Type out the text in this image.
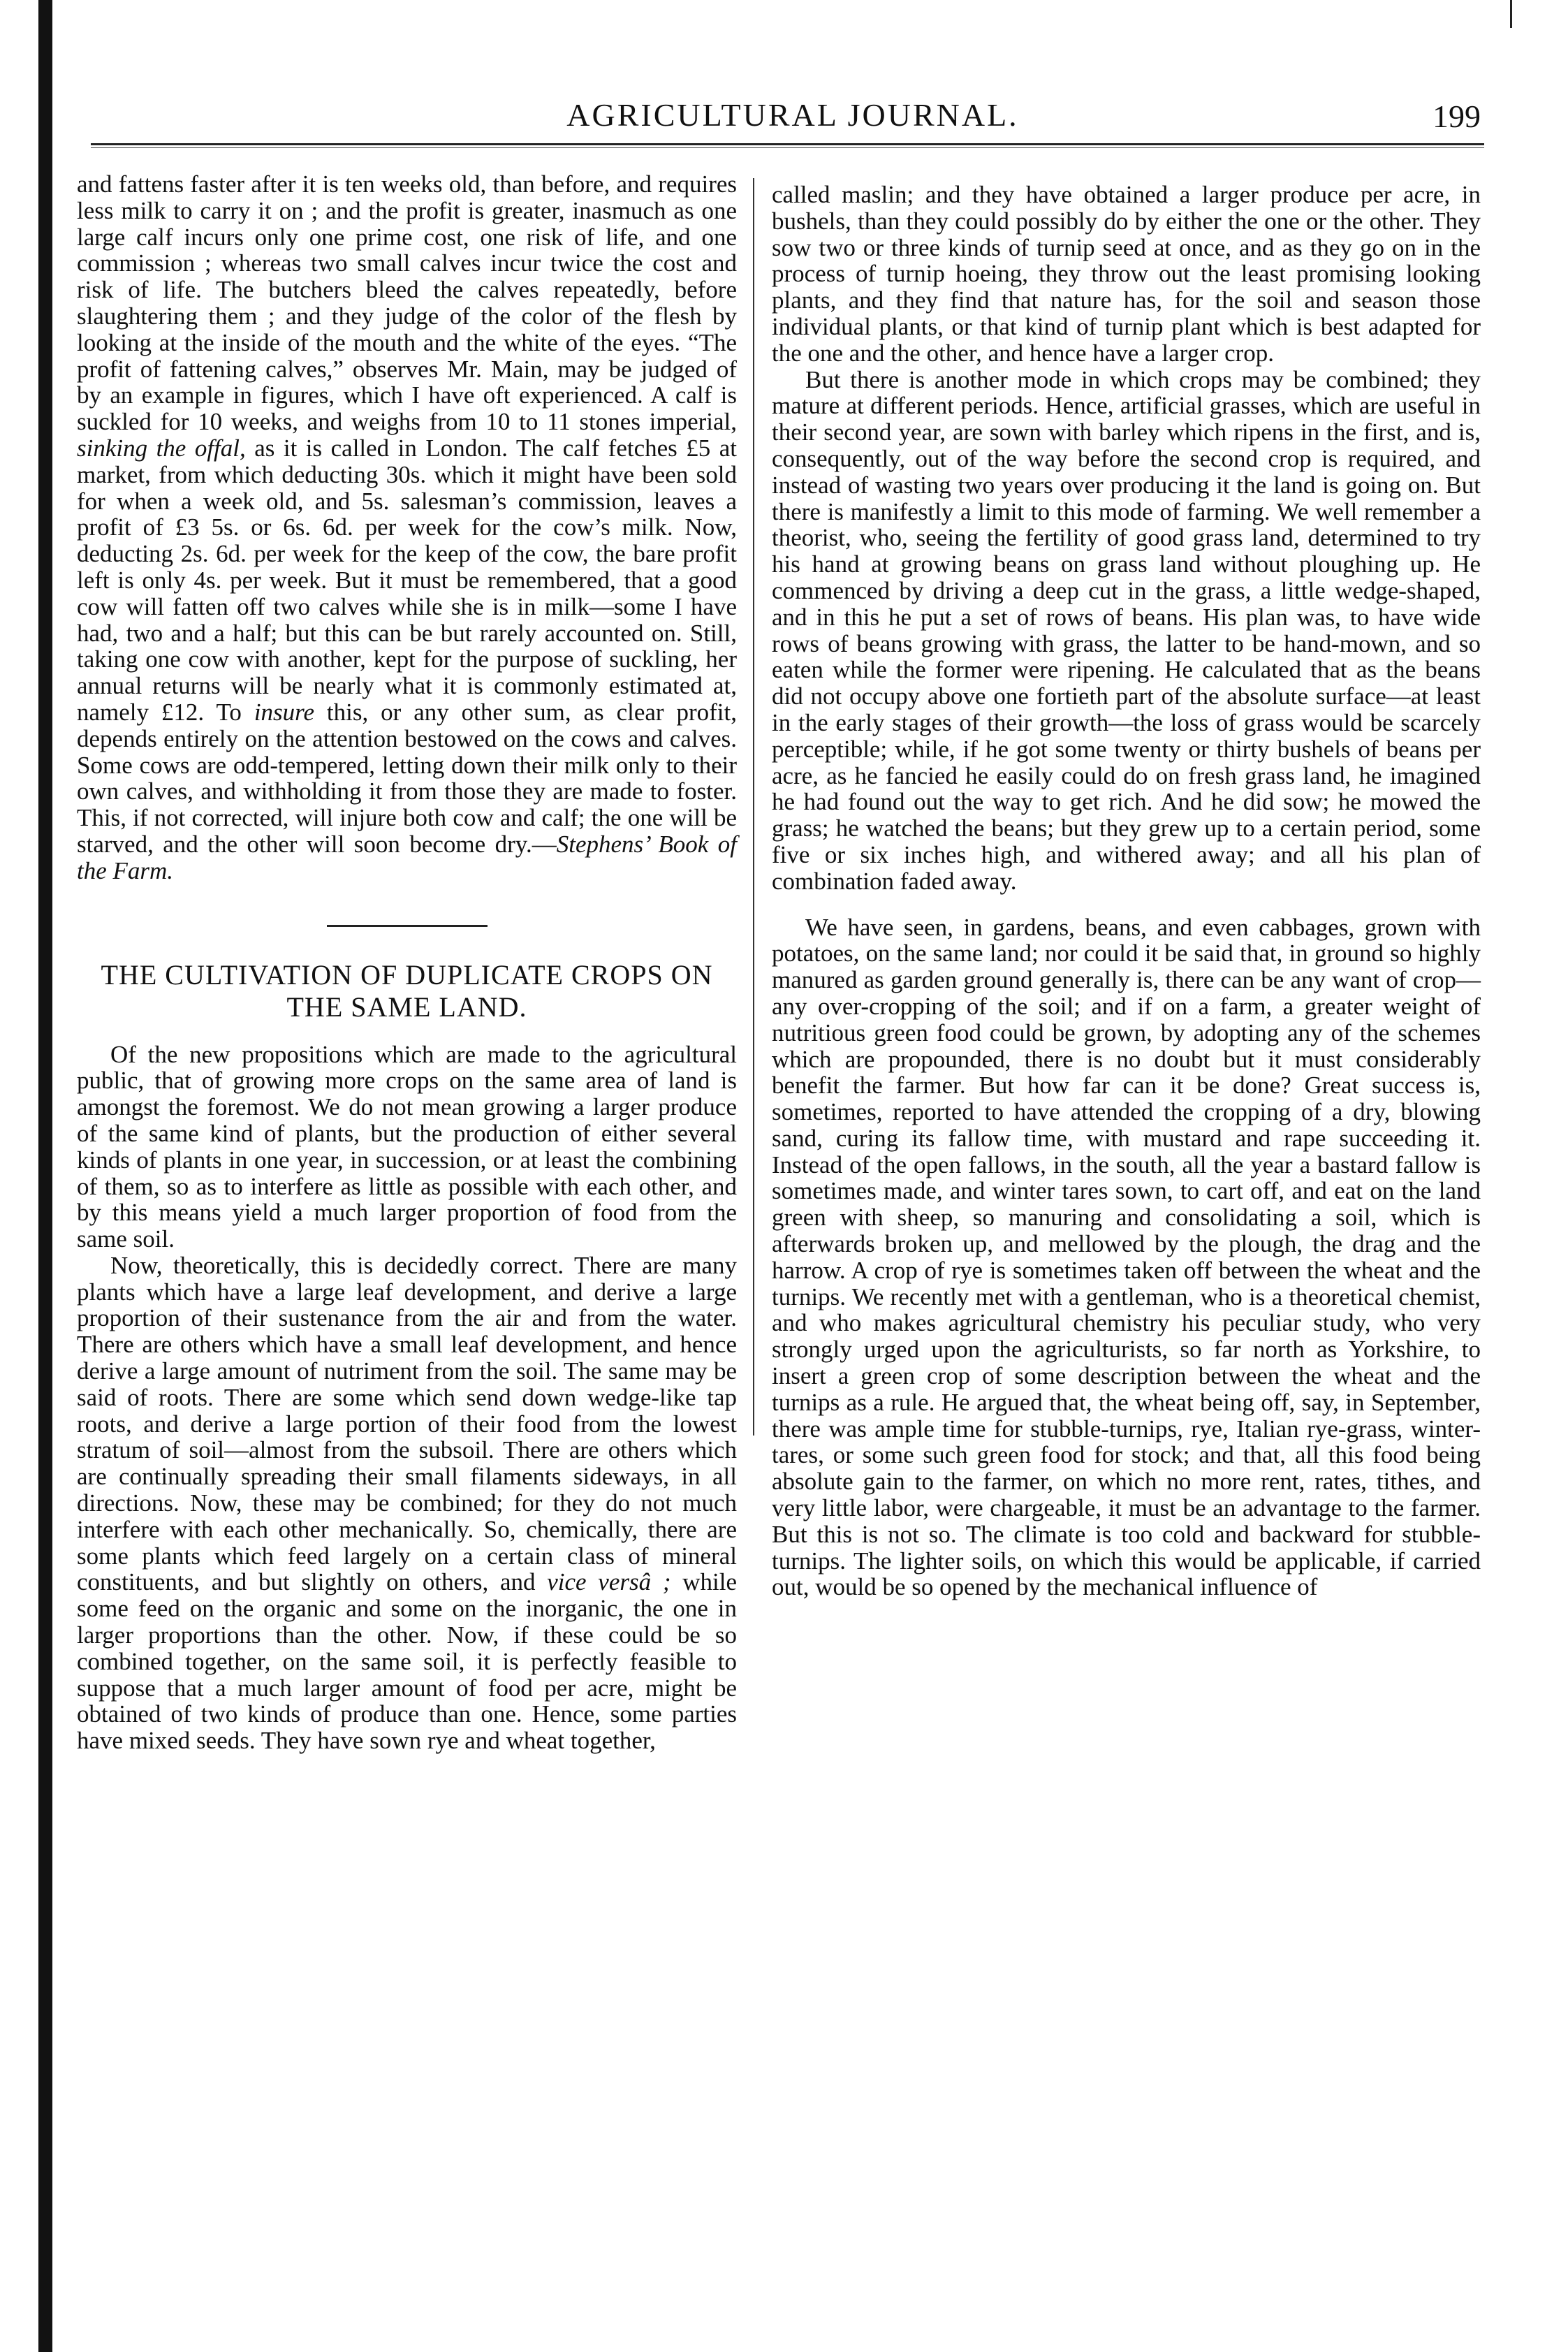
AGRICULTURAL JOURNAL.	199

and fattens faster after it is ten weeks old, than before, and requires less milk to carry it on ; and the profit is greater, inasmuch as one large calf incurs only one prime cost, one risk of life, and one commission ; whereas two small calves incur twice the cost and risk of life. The butchers bleed the calves repeatedly, before slaughtering them ; and they judge of the color of the flesh by looking at the inside of the mouth and the white of the eyes. “The profit of fattening calves,” observes Mr. Main, may be judged of by an example in figures, which I have oft experienced. A calf is suckled for 10 weeks, and weighs from 10 to 11 stones imperial, sinking the offal, as it is called in London. The calf fetches £5 at market, from which deducting 30s. which it might have been sold for when a week old, and 5s. salesman’s commission, leaves a profit of £3 5s. or 6s. 6d. per week for the cow’s milk. Now, deducting 2s. 6d. per week for the keep of the cow, the bare profit left is only 4s. per week. But it must be remembered, that a good cow will fatten off two calves while she is in milk—some I have had, two and a half; but this can be but rarely accounted on. Still, taking one cow with another, kept for the purpose of suckling, her annual returns will be nearly what it is commonly estimated at, namely £12. To insure this, or any other sum, as clear profit, depends entirely on the attention bestowed on the cows and calves. Some cows are odd-tempered, letting down their milk only to their own calves, and withholding it from those they are made to foster. This, if not corrected, will injure both cow and calf; the one will be starved, and the other will soon become dry.—Stephens’ Book of the Farm.

THE CULTIVATION OF DUPLICATE CROPS ON THE SAME LAND.

Of the new propositions which are made to the agricultural public, that of growing more crops on the same area of land is amongst the foremost. We do not mean growing a larger produce of the same kind of plants, but the production of either several kinds of plants in one year, in succession, or at least the combining of them, so as to interfere as little as possible with each other, and by this means yield a much larger proportion of food from the same soil.

Now, theoretically, this is decidedly correct. There are many plants which have a large leaf development, and derive a large proportion of their sustenance from the air and from the water. There are others which have a small leaf development, and hence derive a large amount of nutriment from the soil. The same may be said of roots. There are some which send down wedge-like tap roots, and derive a large portion of their food from the lowest stratum of soil—almost from the subsoil. There are others which are continually spreading their small filaments sideways, in all directions. Now, these may be combined; for they do not much interfere with each other mechanically. So, chemically, there are some plants which feed largely on a certain class of mineral constituents, and but slightly on others, and vice versâ ; while some feed on the organic and some on the inorganic, the one in larger proportions than the other. Now, if these could be so combined together, on the same soil, it is perfectly feasible to suppose that a much larger amount of food per acre, might be obtained of two kinds of produce than one. Hence, some parties have mixed seeds. They have sown rye and wheat together,

called maslin; and they have obtained a larger produce per acre, in bushels, than they could possibly do by either the one or the other. They sow two or three kinds of turnip seed at once, and as they go on in the process of turnip hoeing, they throw out the least promising looking plants, and they find that nature has, for the soil and season those individual plants, or that kind of turnip plant which is best adapted for the one and the other, and hence have a larger crop.

But there is another mode in which crops may be combined; they mature at different periods. Hence, artificial grasses, which are useful in their second year, are sown with barley which ripens in the first, and is, consequently, out of the way before the second crop is required, and instead of wasting two years over producing it the land is going on. But there is manifestly a limit to this mode of farming. We well remember a theorist, who, seeing the fertility of good grass land, determined to try his hand at growing beans on grass land without ploughing up. He commenced by driving a deep cut in the grass, a little wedge-shaped, and in this he put a set of rows of beans. His plan was, to have wide rows of beans growing with grass, the latter to be hand-mown, and so eaten while the former were ripening. He calculated that as the beans did not occupy above one fortieth part of the absolute surface—at least in the early stages of their growth—the loss of grass would be scarcely perceptible; while, if he got some twenty or thirty bushels of beans per acre, as he fancied he easily could do on fresh grass land, he imagined he had found out the way to get rich. And he did sow; he mowed the grass; he watched the beans; but they grew up to a certain period, some five or six inches high, and withered away; and all his plan of combination faded away.

We have seen, in gardens, beans, and even cabbages, grown with potatoes, on the same land; nor could it be said that, in ground so highly manured as garden ground generally is, there can be any want of crop—any over-cropping of the soil; and if on a farm, a greater weight of nutritious green food could be grown, by adopting any of the schemes which are propounded, there is no doubt but it must considerably benefit the farmer. But how far can it be done? Great success is, sometimes, reported to have attended the cropping of a dry, blowing sand, curing its fallow time, with mustard and rape succeeding it. Instead of the open fallows, in the south, all the year a bastard fallow is sometimes made, and winter tares sown, to cart off, and eat on the land green with sheep, so manuring and consolidating a soil, which is afterwards broken up, and mellowed by the plough, the drag and the harrow. A crop of rye is sometimes taken off between the wheat and the turnips. We recently met with a gentleman, who is a theoretical chemist, and who makes agricultural chemistry his peculiar study, who very strongly urged upon the agriculturists, so far north as Yorkshire, to insert a green crop of some description between the wheat and the turnips as a rule. He argued that, the wheat being off, say, in September, there was ample time for stubble-turnips, rye, Italian rye-grass, winter-tares, or some such green food for stock; and that, all this food being absolute gain to the farmer, on which no more rent, rates, tithes, and very little labor, were chargeable, it must be an advantage to the farmer. But this is not so. The climate is too cold and backward for stubble-turnips. The lighter soils, on which this would be applicable, if carried out, would be so opened by the mechanical influence of
